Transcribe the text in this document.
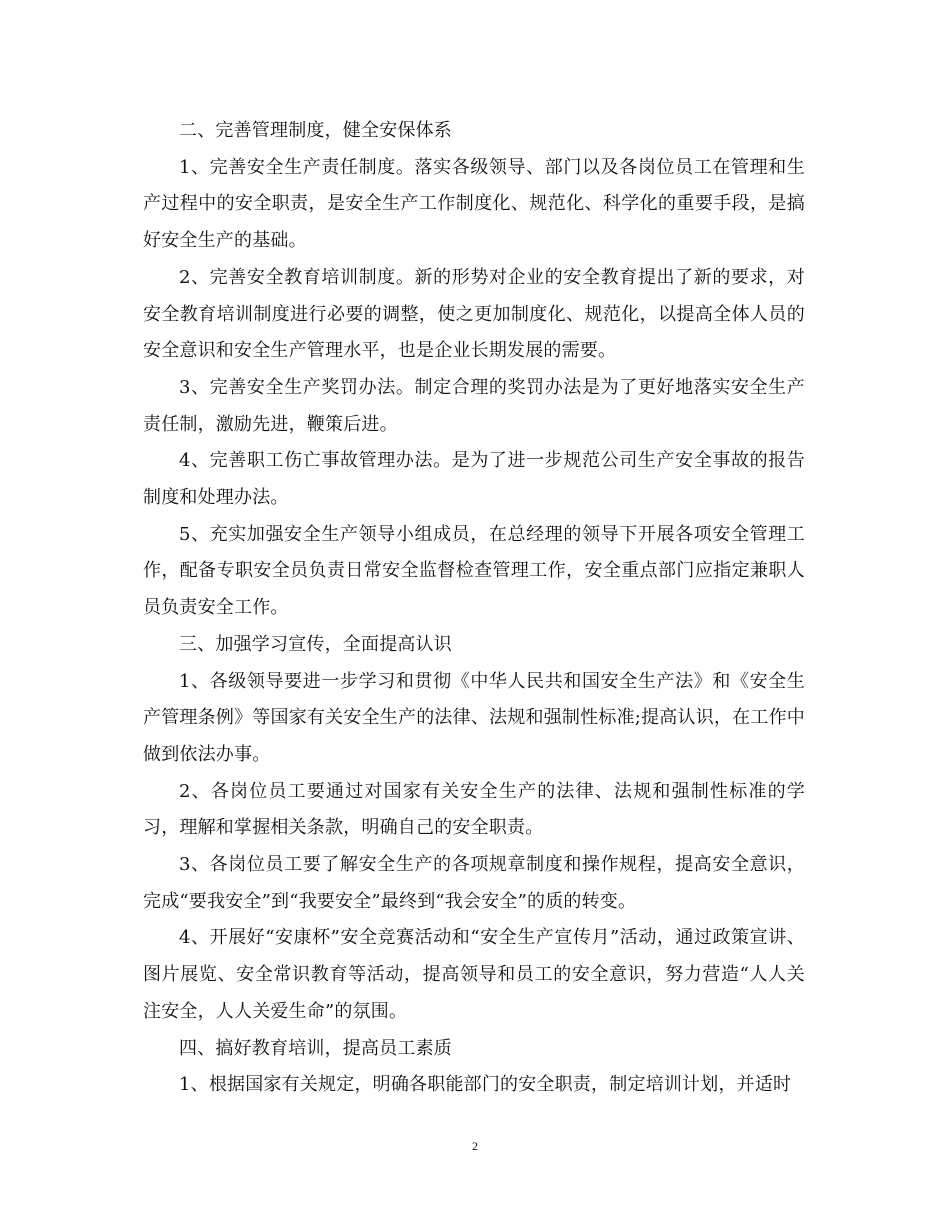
二、完善管理制度，健全安保体系

1、完善安全生产责任制度。落实各级领导、部门以及各岗位员工在管理和生产过程中的安全职责，是安全生产工作制度化、规范化、科学化的重要手段，是搞好安全生产的基础。

2、完善安全教育培训制度。新的形势对企业的安全教育提出了新的要求，对安全教育培训制度进行必要的调整，使之更加制度化、规范化，以提高全体人员的安全意识和安全生产管理水平，也是企业长期发展的需要。

3、完善安全生产奖罚办法。制定合理的奖罚办法是为了更好地落实安全生产责任制，激励先进，鞭策后进。

4、完善职工伤亡事故管理办法。是为了进一步规范公司生产安全事故的报告制度和处理办法。

5、充实加强安全生产领导小组成员，在总经理的领导下开展各项安全管理工作，配备专职安全员负责日常安全监督检查管理工作，安全重点部门应指定兼职人员负责安全工作。

三、加强学习宣传，全面提高认识

1、各级领导要进一步学习和贯彻《中华人民共和国安全生产法》和《安全生产管理条例》等国家有关安全生产的法律、法规和强制性标准;提高认识，在工作中做到依法办事。

2、各岗位员工要通过对国家有关安全生产的法律、法规和强制性标准的学习，理解和掌握相关条款，明确自己的安全职责。

3、各岗位员工要了解安全生产的各项规章制度和操作规程，提高安全意识，完成“要我安全”到“我要安全”最终到“我会安全”的质的转变。

4、开展好“安康杯”安全竞赛活动和“安全生产宣传月”活动，通过政策宣讲、图片展览、安全常识教育等活动，提高领导和员工的安全意识，努力营造“人人关注安全，人人关爱生命”的氛围。

四、搞好教育培训，提高员工素质

1、根据国家有关规定，明确各职能部门的安全职责，制定培训计划，并适时

2
